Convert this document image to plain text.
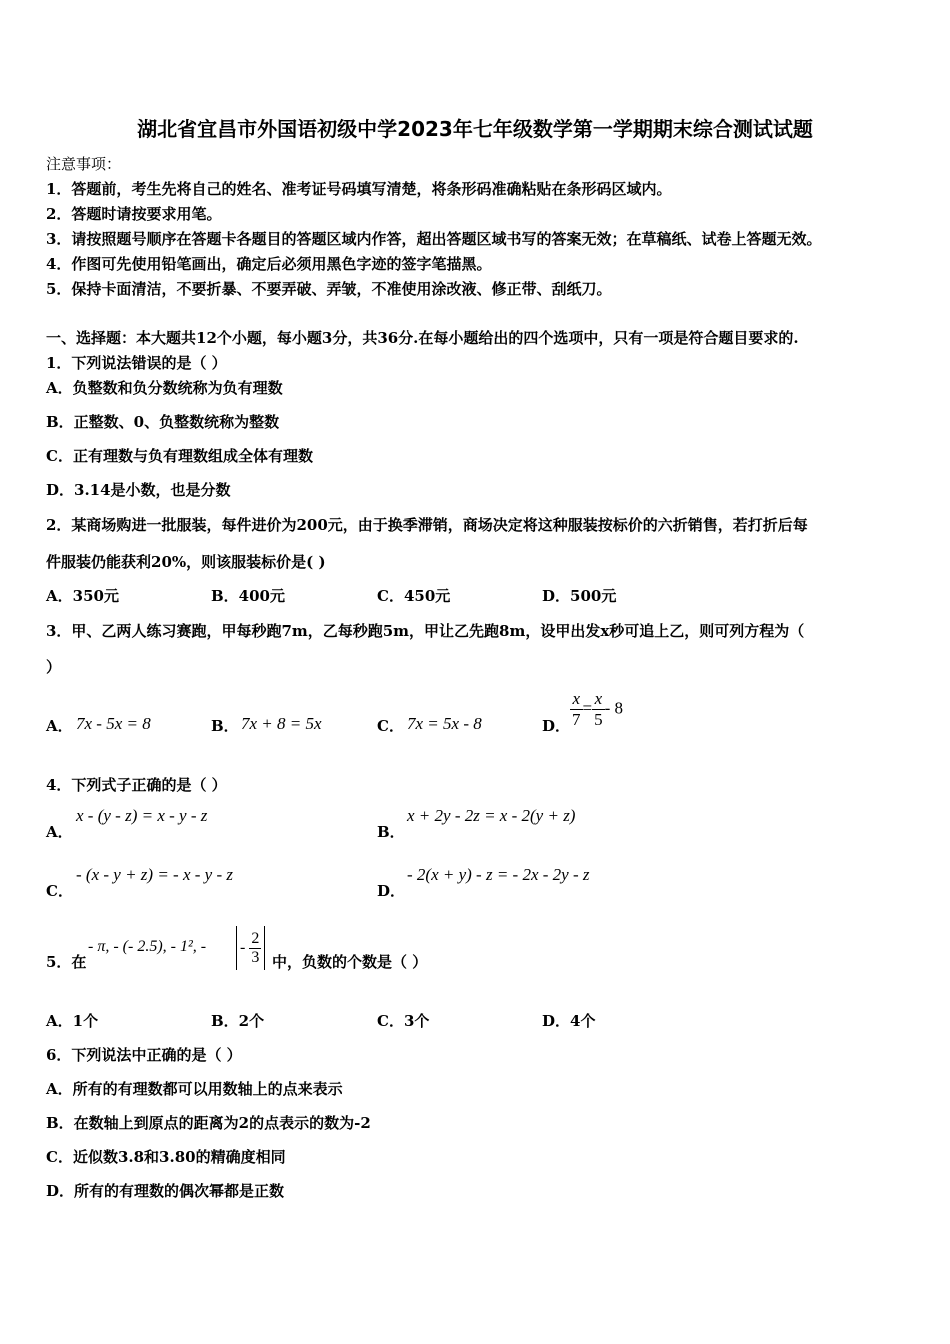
湖北省宜昌市外国语初级中学2023年七年级数学第一学期期末综合测试试题
注意事项：
1．答题前，考生先将自己的姓名、准考证号码填写清楚，将条形码准确粘贴在条形码区域内。
2．答题时请按要求用笔。
3．请按照题号顺序在答题卡各题目的答题区域内作答，超出答题区域书写的答案无效；在草稿纸、试卷上答题无效。
4．作图可先使用铅笔画出，确定后必须用黑色字迹的签字笔描黑。
5．保持卡面清洁，不要折暴、不要弄破、弄皱，不准使用涂改液、修正带、刮纸刀。
一、选择题：本大题共12个小题，每小题3分，共36分.在每小题给出的四个选项中，只有一项是符合题目要求的.
1．下列说法错误的是（ ）
A．负整数和负分数统称为负有理数
B．正整数、0、负整数统称为整数
C．正有理数与负有理数组成全体有理数
D．3.14是小数，也是分数
2．某商场购进一批服装，每件进价为200元，由于换季滞销，商场决定将这种服装按标价的六折销售，若打折后每
件服装仍能获利20%，则该服装标价是( )
A．350元	B．400元	C．450元	D．500元
3．甲、乙两人练习赛跑，甲每秒跑7m，乙每秒跑5m，甲让乙先跑8m，设甲出发x秒可追上乙，则可列方程为（
）
A． 7x - 5x = 8	B． 7x + 8 = 5x	C． 7x = 5x - 8	D． $\frac{x}{7} = \frac{x}{5} - 8$
4．下列式子正确的是（ ）
A．
x - (y - z) = x - y - z
B．
x + 2y - 2z = x - 2(y + z)
C．
- (x - y + z) = - x - y - z
D．
- 2(x + y) - z = - 2x - 2y - z
5．在
- π, - (- 2.5), - 1², - - $\frac{2}{3}$ 中，负数的个数是（ ）
A．1个	B．2个	C．3个	D．4个
6．下列说法中正确的是（ ）
A．所有的有理数都可以用数轴上的点来表示
B．在数轴上到原点的距离为2的点表示的数为-2
C．近似数3.8和3.80的精确度相同
D．所有的有理数的偶次幂都是正数
